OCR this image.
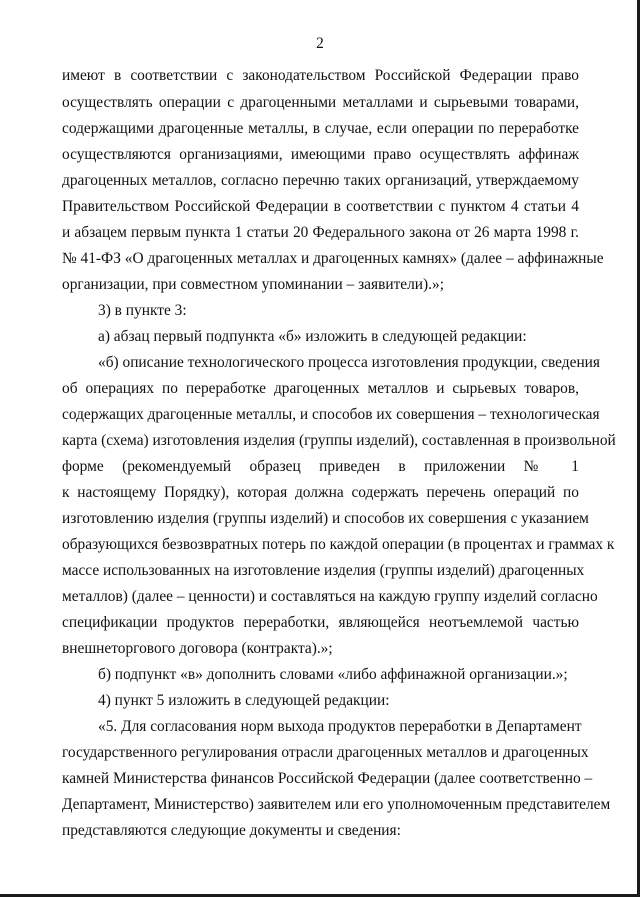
2
имеют в соответствии с законодательством Российской Федерации право
осуществлять операции с драгоценными металлами и сырьевыми товарами,
содержащими драгоценные металлы, в случае, если операции по переработке
осуществляются организациями, имеющими право осуществлять аффинаж
драгоценных металлов, согласно перечню таких организаций, утверждаемому
Правительством Российской Федерации в соответствии с пунктом 4 статьи 4
и абзацем первым пункта 1 статьи 20 Федерального закона от 26 марта 1998 г.
№ 41-ФЗ «О драгоценных металлах и драгоценных камнях» (далее – аффинажные
организации, при совместном упоминании – заявители).»;
3) в пункте 3:
а) абзац первый подпункта «б» изложить в следующей редакции:
«б) описание технологического процесса изготовления продукции, сведения
об операциях по переработке драгоценных металлов и сырьевых товаров,
содержащих драгоценные металлы, и способов их совершения – технологическая
карта (схема) изготовления изделия (группы изделий), составленная в произвольной
форме (рекомендуемый образец приведен в приложении № 1
к настоящему Порядку), которая должна содержать перечень операций по
изготовлению изделия (группы изделий) и способов их совершения с указанием
образующихся безвозвратных потерь по каждой операции (в процентах и граммах к
массе использованных на изготовление изделия (группы изделий) драгоценных
металлов) (далее – ценности) и составляться на каждую группу изделий согласно
спецификации продуктов переработки, являющейся неотъемлемой частью
внешнеторгового договора (контракта).»;
б) подпункт «в» дополнить словами «либо аффинажной организации.»;
4) пункт 5 изложить в следующей редакции:
«5. Для согласования норм выхода продуктов переработки в Департамент
государственного регулирования отрасли драгоценных металлов и драгоценных
камней Министерства финансов Российской Федерации (далее соответственно –
Департамент, Министерство) заявителем или его уполномоченным представителем
представляются следующие документы и сведения:
